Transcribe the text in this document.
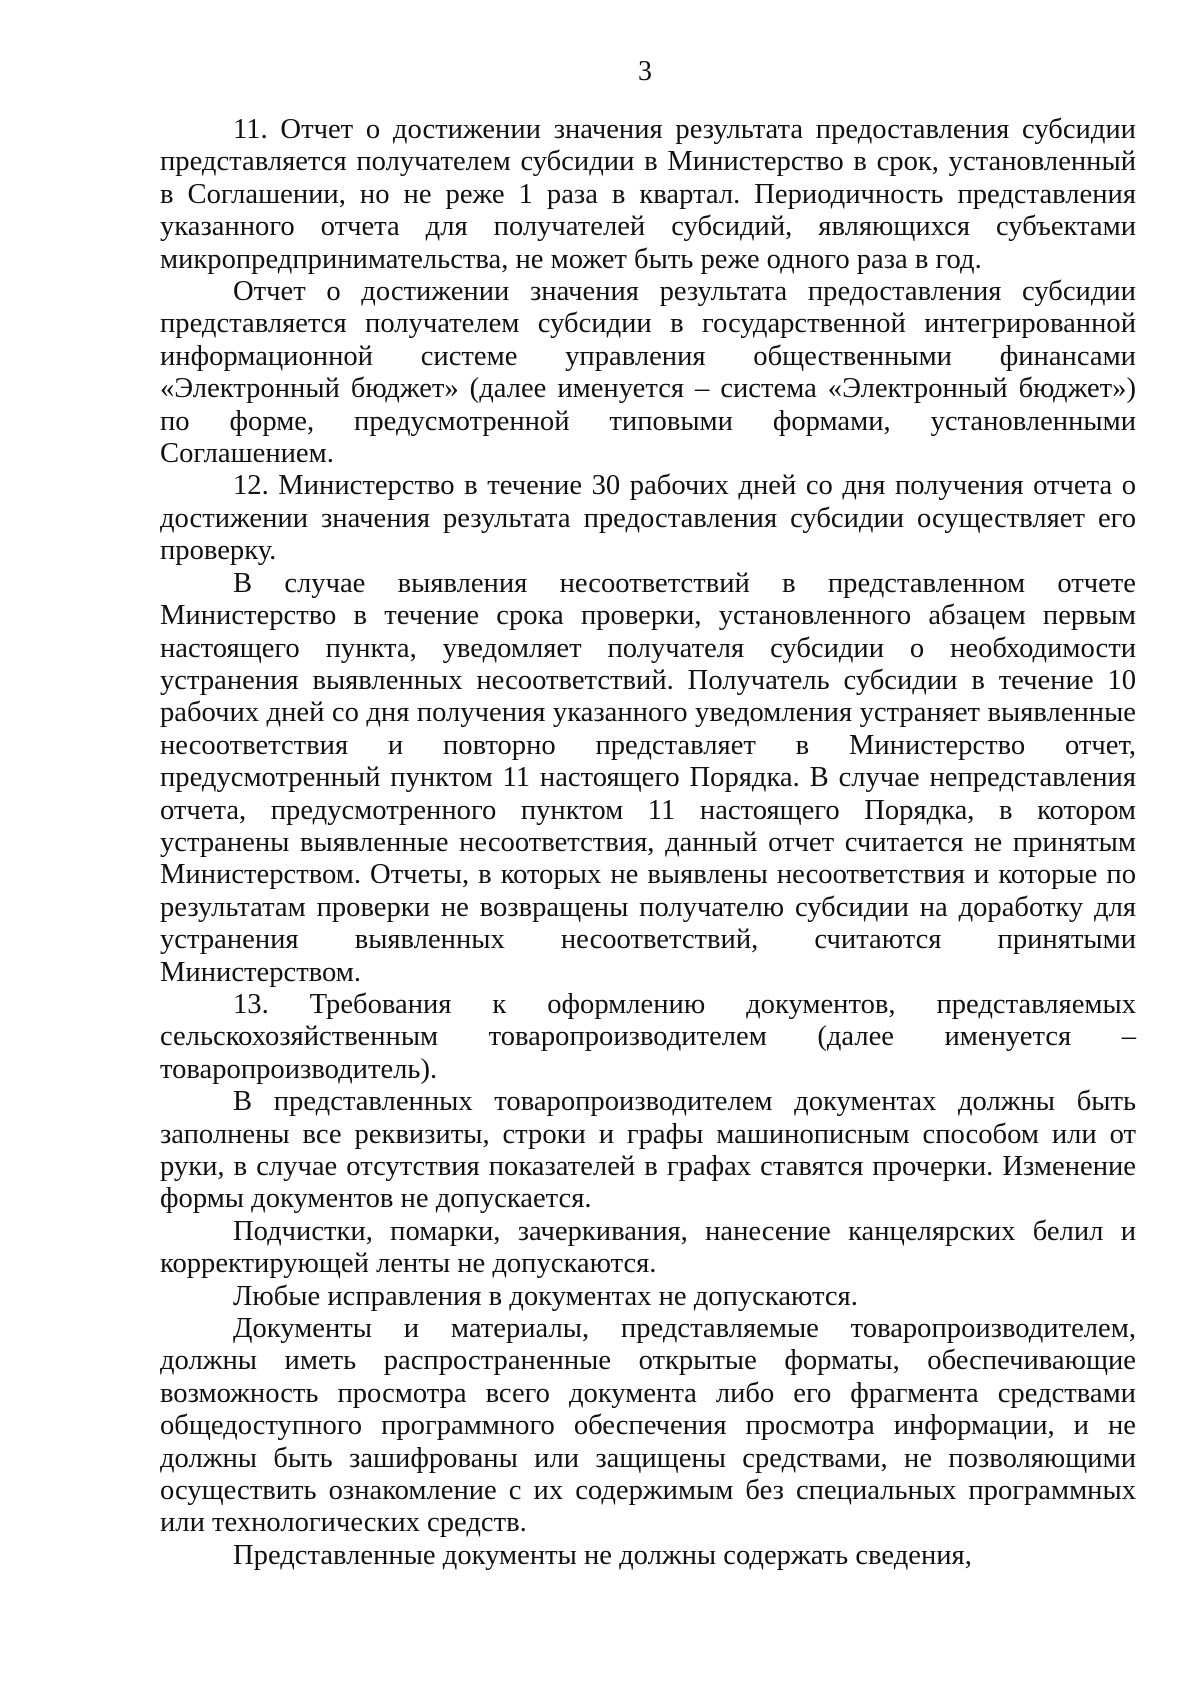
3

11. Отчет о достижении значения результата предоставления субсидии представляется получателем субсидии в Министерство в срок, установленный в Соглашении, но не реже 1 раза в квартал. Периодичность представления указанного отчета для получателей субсидий, являющихся субъектами микропредпринимательства, не может быть реже одного раза в год.

Отчет о достижении значения результата предоставления субсидии представляется получателем субсидии в государственной интегрированной информационной системе управления общественными финансами «Электронный бюджет» (далее именуется – система «Электронный бюджет») по форме, предусмотренной типовыми формами, установленными Соглашением.

12. Министерство в течение 30 рабочих дней со дня получения отчета о достижении значения результата предоставления субсидии осуществляет его проверку.

В случае выявления несоответствий в представленном отчете Министерство в течение срока проверки, установленного абзацем первым настоящего пункта, уведомляет получателя субсидии о необходимости устранения выявленных несоответствий. Получатель субсидии в течение 10 рабочих дней со дня получения указанного уведомления устраняет выявленные несоответствия и повторно представляет в Министерство отчет, предусмотренный пунктом 11 настоящего Порядка. В случае непредставления отчета, предусмотренного пунктом 11 настоящего Порядка, в котором устранены выявленные несоответствия, данный отчет считается не принятым Министерством. Отчеты, в которых не выявлены несоответствия и которые по результатам проверки не возвращены получателю субсидии на доработку для устранения выявленных несоответствий, считаются принятыми Министерством.

13. Требования к оформлению документов, представляемых сельскохозяйственным товаропроизводителем (далее именуется – товаропроизводитель).

В представленных товаропроизводителем документах должны быть заполнены все реквизиты, строки и графы машинописным способом или от руки, в случае отсутствия показателей в графах ставятся прочерки. Изменение формы документов не допускается.

Подчистки, помарки, зачеркивания, нанесение канцелярских белил и корректирующей ленты не допускаются.

Любые исправления в документах не допускаются.

Документы и материалы, представляемые товаропроизводителем, должны иметь распространенные открытые форматы, обеспечивающие возможность просмотра всего документа либо его фрагмента средствами общедоступного программного обеспечения просмотра информации, и не должны быть зашифрованы или защищены средствами, не позволяющими осуществить ознакомление с их содержимым без специальных программных или технологических средств.

Представленные документы не должны содержать сведения,
